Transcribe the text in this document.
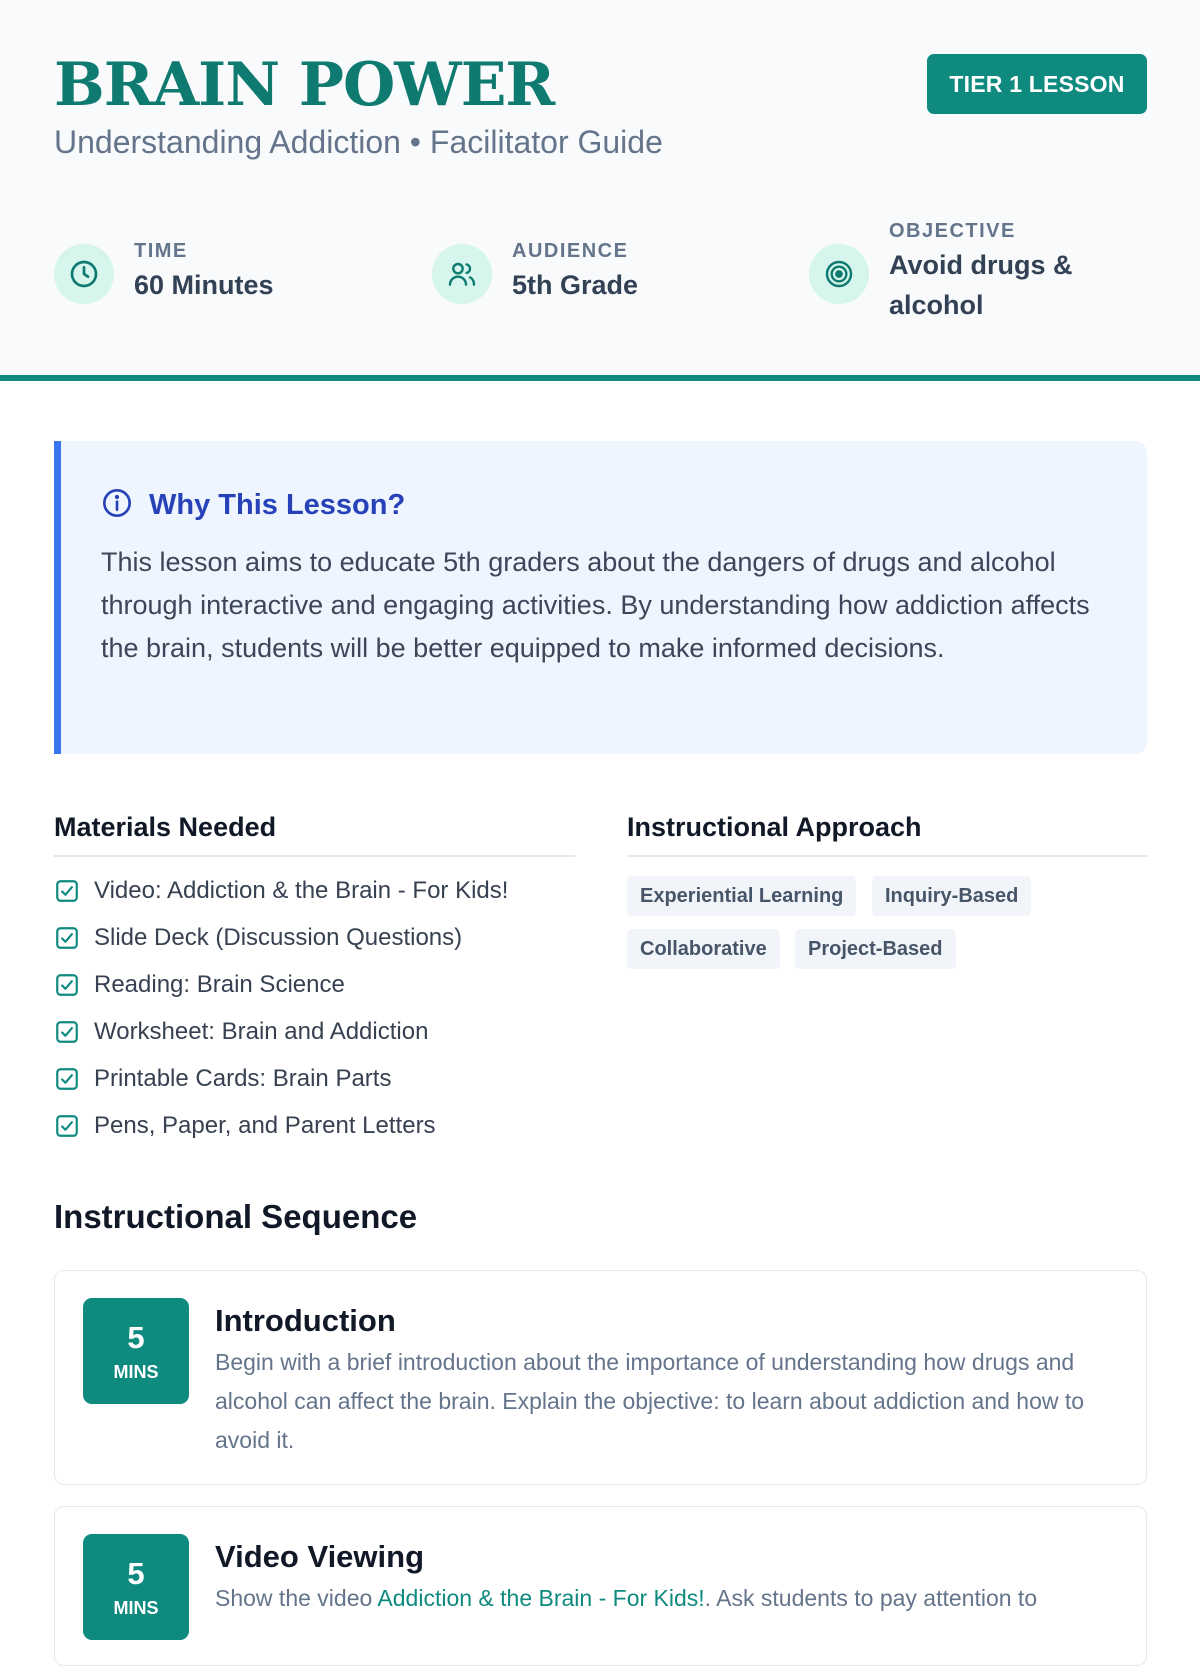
BRAIN POWER
Understanding Addiction • Facilitator Guide
TIER 1 LESSON
TIME
60 Minutes
AUDIENCE
5th Grade
OBJECTIVE
Avoid drugs &
alcohol
Why This Lesson?
This lesson aims to educate 5th graders about the dangers of drugs and alcohol through interactive and engaging activities. By understanding how addiction affects the brain, students will be better equipped to make informed decisions.
Materials Needed
Video: Addiction & the Brain - For Kids!
Slide Deck (Discussion Questions)
Reading: Brain Science
Worksheet: Brain and Addiction
Printable Cards: Brain Parts
Pens, Paper, and Parent Letters
Instructional Approach
Experiential Learning	Inquiry-Based
Collaborative	Project-Based
Instructional Sequence
5
MINS
Introduction
Begin with a brief introduction about the importance of understanding how drugs and alcohol can affect the brain. Explain the objective: to learn about addiction and how to avoid it.
5
MINS
Video Viewing
Show the video Addiction & the Brain - For Kids!. Ask students to pay attention to
